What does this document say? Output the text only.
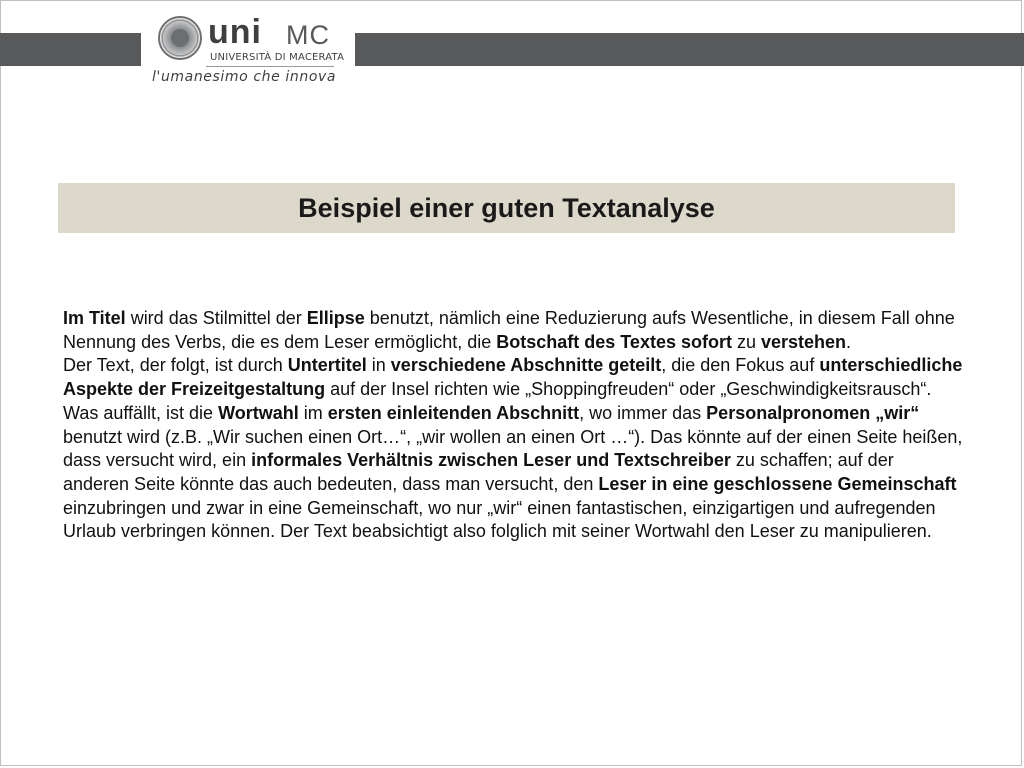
uni MC
UNIVERSITÀ DI MACERATA
l'umanesimo che innova
Beispiel einer guten Textanalyse

Im Titel wird das Stilmittel der Ellipse benutzt, nämlich eine Reduzierung aufs Wesentliche, in diesem Fall ohne Nennung des Verbs, die es dem Leser ermöglicht, die Botschaft des Textes sofort zu verstehen.

Der Text, der folgt, ist durch Untertitel in verschiedene Abschnitte geteilt, die den Fokus auf unterschiedliche Aspekte der Freizeitgestaltung auf der Insel richten wie „Shoppingfreuden“ oder „Geschwindigkeitsrausch“.

Was auffällt, ist die Wortwahl im ersten einleitenden Abschnitt, wo immer das Personalpronomen „wir“ benutzt wird (z.B. „Wir suchen einen Ort…“, „wir wollen an einen Ort …“). Das könnte auf der einen Seite heißen, dass versucht wird, ein informales Verhältnis zwischen Leser und Textschreiber zu schaffen; auf der anderen Seite könnte das auch bedeuten, dass man versucht, den Leser in eine geschlossene Gemeinschaft einzubringen und zwar in eine Gemeinschaft, wo nur „wir“ einen fantastischen, einzigartigen und aufregenden Urlaub verbringen können. Der Text beabsichtigt also folglich mit seiner Wortwahl den Leser zu manipulieren.
